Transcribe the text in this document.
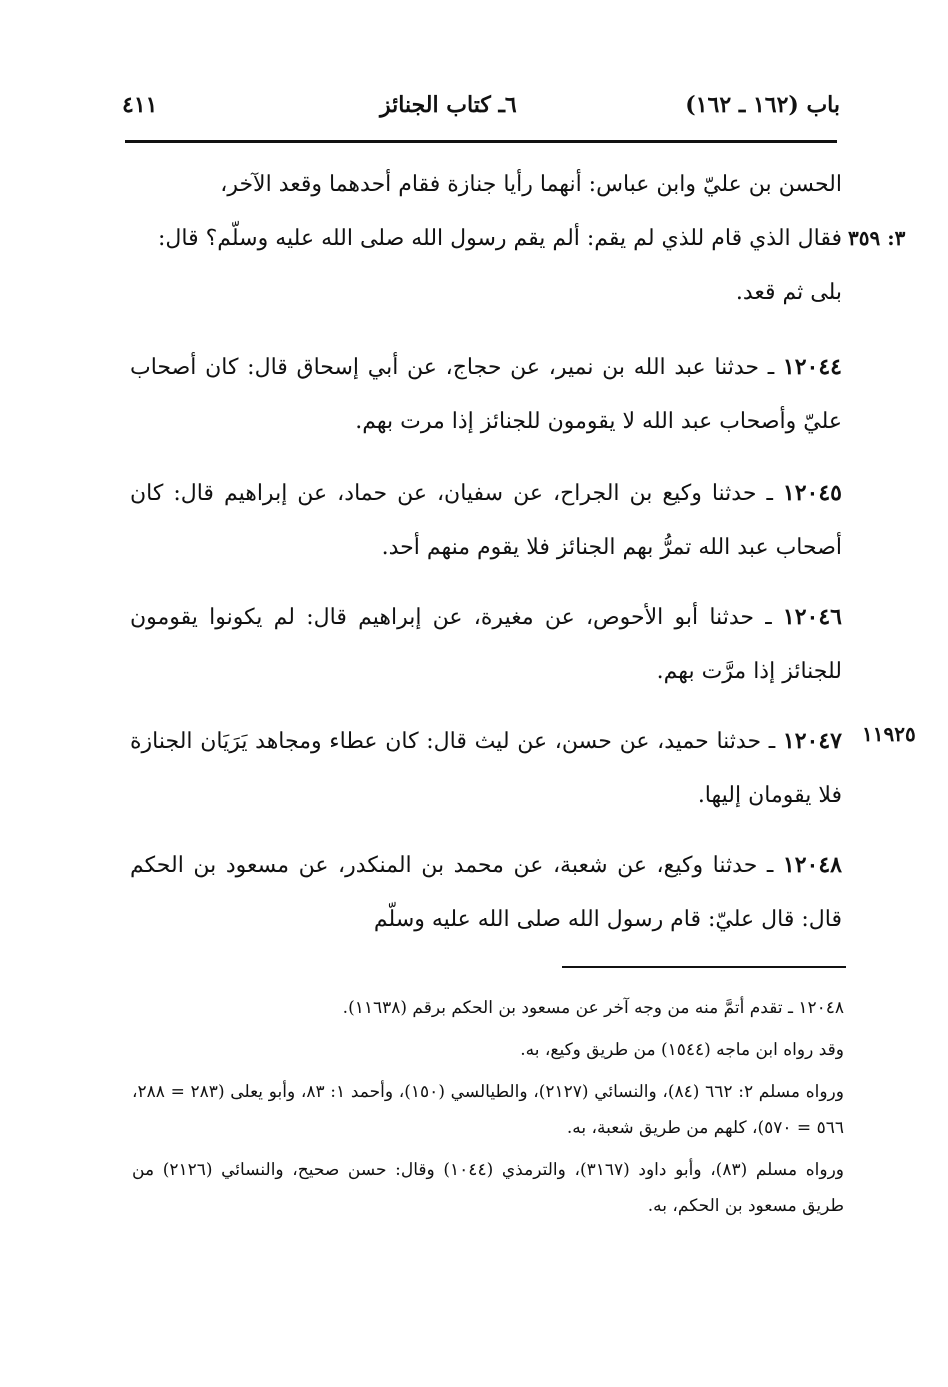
باب (١٦٢ ـ ١٦٢)
٦ـ كتاب الجنائز
٤١١

الحسن بن عليّ وابن عباس: أنهما رأيا جنازة فقام أحدهما وقعد الآخر،

فقال الذي قام للذي لم يقم: ألم يقم رسول الله صلى الله عليه وسلّم؟ قال:

بلى ثم قعد.

٣: ٣٥٩

١٢٠٤٤ ـ حدثنا عبد الله بن نمير، عن حجاج، عن أبي إسحاق قال: كان أصحاب عليّ وأصحاب عبد الله لا يقومون للجنائز إذا مرت بهم.

١٢٠٤٥ ـ حدثنا وكيع بن الجراح، عن سفيان، عن حماد، عن إبراهيم قال: كان أصحاب عبد الله تمرُّ بهم الجنائز فلا يقوم منهم أحد.

١٢٠٤٦ ـ حدثنا أبو الأحوص، عن مغيرة، عن إبراهيم قال: لم يكونوا يقومون للجنائز إذا مرَّت بهم.

١٢٠٤٧ ـ حدثنا حميد، عن حسن، عن ليث قال: كان عطاء ومجاهد يَرَيَان الجنازة فلا يقومان إليها.

١١٩٢٥

١٢٠٤٨ ـ حدثنا وكيع، عن شعبة، عن محمد بن المنكدر، عن مسعود بن الحكم قال: قال عليّ: قام رسول الله صلى الله عليه وسلّم

١٢٠٤٨ ـ تقدم أتمَّ منه من وجه آخر عن مسعود بن الحكم برقم (١١٦٣٨).

وقد رواه ابن ماجه (١٥٤٤) من طريق وكيع، به.

ورواه مسلم ٢: ٦٦٢ (٨٤)، والنسائي (٢١٢٧)، والطيالسي (١٥٠)، وأحمد ١: ٨٣، وأبو يعلى (٢٨٣ = ٢٨٨، ٥٦٦ = ٥٧٠)، كلهم من طريق شعبة، به.

ورواه مسلم (٨٣)، وأبو داود (٣١٦٧)، والترمذي (١٠٤٤) وقال: حسن صحيح، والنسائي (٢١٢٦) من طريق مسعود بن الحكم، به.
